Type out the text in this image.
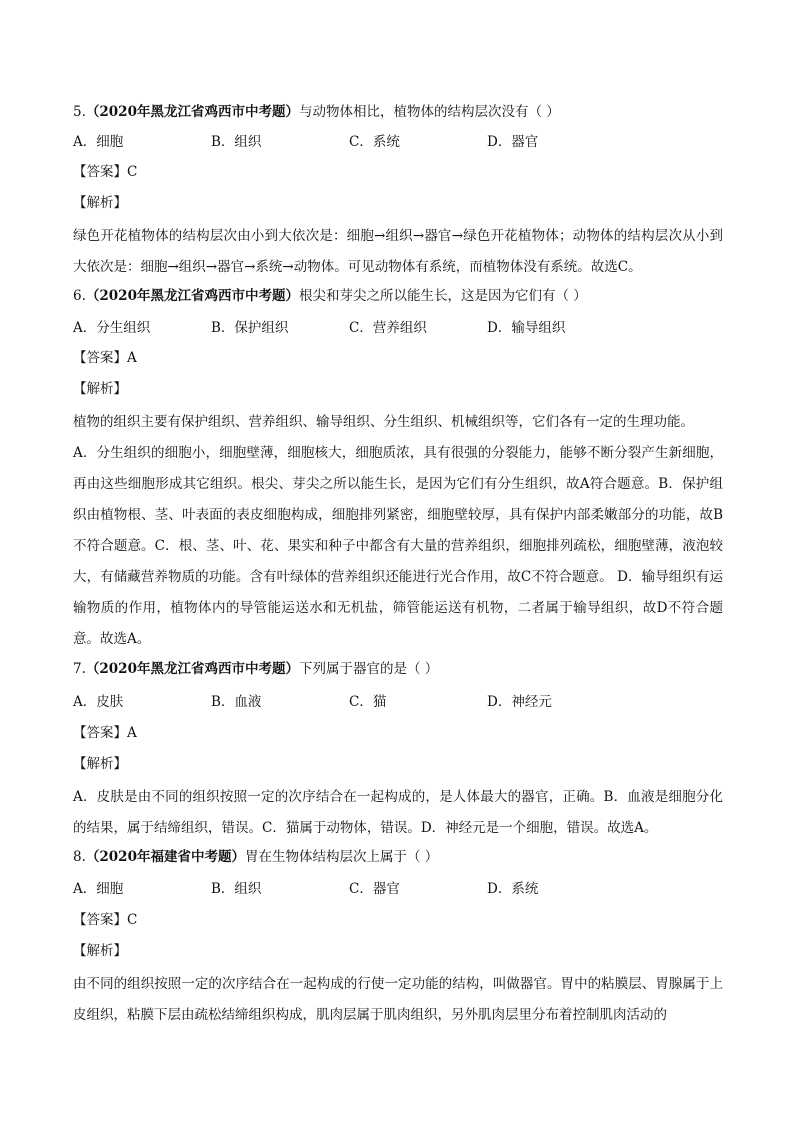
5.（2020年黑龙江省鸡西市中考题）与动物体相比，植物体的结构层次没有（ ）
A．细胞	B．组织	C．系统	D．器官
【答案】C
【解析】
绿色开花植物体的结构层次由小到大依次是：细胞→组织→器官→绿色开花植物体；动物体的结构层次从小到大依次是：细胞→组织→器官→系统→动物体。可见动物体有系统，而植物体没有系统。故选C。
6.（2020年黑龙江省鸡西市中考题）根尖和芽尖之所以能生长，这是因为它们有（ ）
A．分生组织	B．保护组织	C．营养组织	D．输导组织
【答案】A
【解析】
植物的组织主要有保护组织、营养组织、输导组织、分生组织、机械组织等，它们各有一定的生理功能。
A．分生组织的细胞小，细胞壁薄，细胞核大，细胞质浓，具有很强的分裂能力，能够不断分裂产生新细胞，再由这些细胞形成其它组织。根尖、芽尖之所以能生长，是因为它们有分生组织，故A符合题意。B．保护组织由植物根、茎、叶表面的表皮细胞构成，细胞排列紧密，细胞壁较厚，具有保护内部柔嫩部分的功能，故B不符合题意。C．根、茎、叶、花、果实和种子中都含有大量的营养组织，细胞排列疏松，细胞壁薄，液泡较大，有储藏营养物质的功能。含有叶绿体的营养组织还能进行光合作用，故C不符合题意。 D．输导组织有运输物质的作用，植物体内的导管能运送水和无机盐，筛管能运送有机物，二者属于输导组织，故D不符合题意。故选A。
7.（2020年黑龙江省鸡西市中考题）下列属于器官的是（ ）
A．皮肤	B．血液	C．猫	D．神经元
【答案】A
【解析】
A．皮肤是由不同的组织按照一定的次序结合在一起构成的，是人体最大的器官，正确。B．血液是细胞分化的结果，属于结缔组织，错误。C．猫属于动物体，错误。D．神经元是一个细胞，错误。故选A。
8.（2020年福建省中考题）胃在生物体结构层次上属于（ ）
A．细胞	B．组织	C．器官	D．系统
【答案】C
【解析】
由不同的组织按照一定的次序结合在一起构成的行使一定功能的结构，叫做器官。胃中的粘膜层、胃腺属于上皮组织，粘膜下层由疏松结缔组织构成，肌肉层属于肌肉组织，另外肌肉层里分布着控制肌肉活动的
